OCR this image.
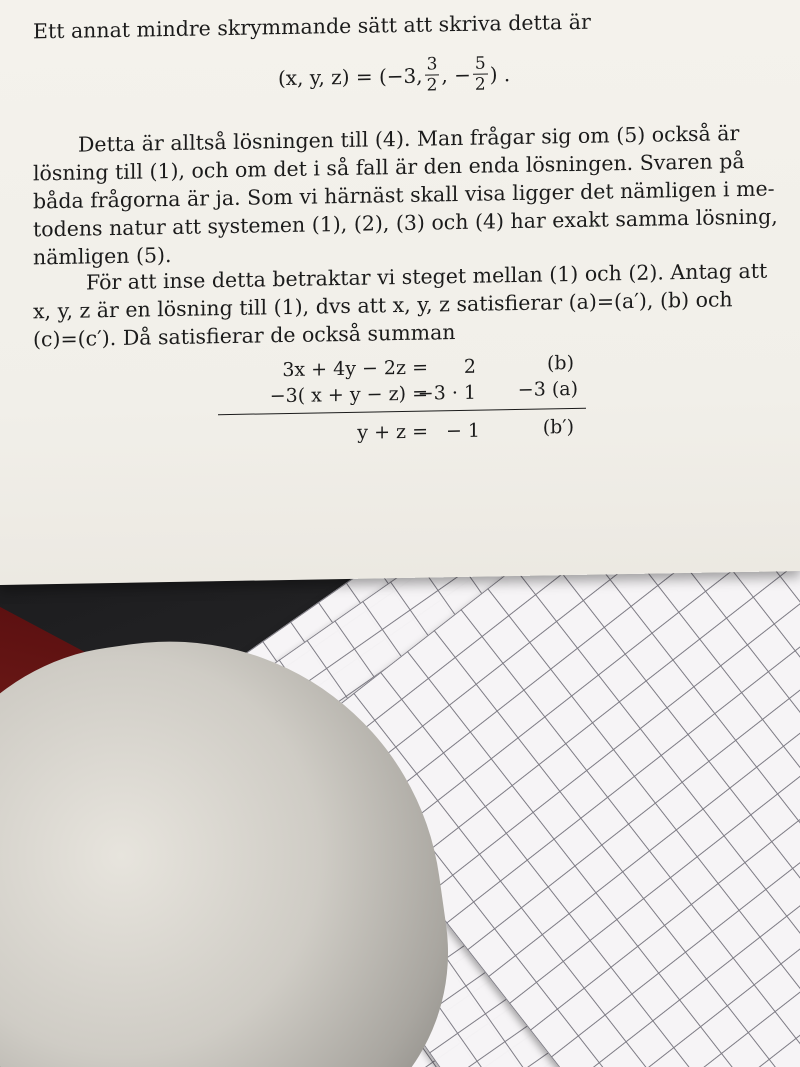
Ett annat mindre skrymmande sätt att skriva detta är

(x, y, z) = (−3, $\frac{3}{2}$ , − $\frac{5}{2}$ ) .

Detta är alltså lösningen till (4). Man frågar sig om (5) också är

lösning till (1), och om det i så fall är den enda lösningen. Svaren på

båda frågorna är ja. Som vi härnäst skall visa ligger det nämligen i me-

todens natur att systemen (1), (2), (3) och (4) har exakt samma lösning,

nämligen (5).

För att inse detta betraktar vi steget mellan (1) och (2). Antag att

x, y, z är en lösning till (1), dvs att x, y, z satisfierar (a)=(a′), (b) och

(c)=(c′). Då satisfierar de också summan

3x + 4y − 2z = 2	(b)
−3( x + y − z) =
−3 · 1 −3 (a)
y + z = − 1	(b′)
